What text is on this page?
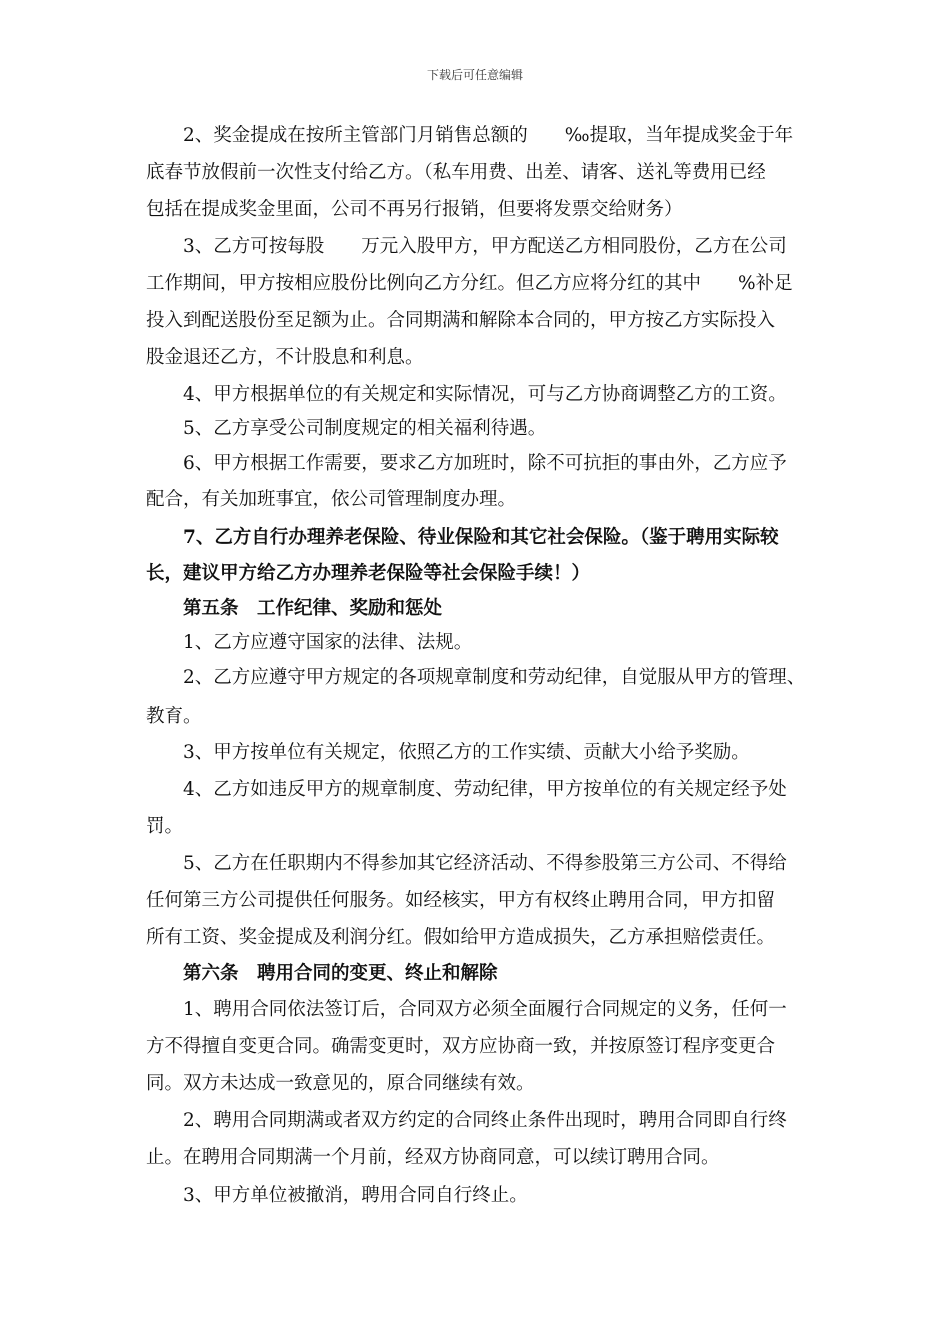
下载后可任意编辑
　　2、奖金提成在按所主管部门月销售总额的　　‰提取，当年提成奖金于年
底春节放假前一次性支付给乙方。（私车用费、出差、请客、送礼等费用已经
包括在提成奖金里面，公司不再另行报销，但要将发票交给财务）
　　3、乙方可按每股　　万元入股甲方，甲方配送乙方相同股份，乙方在公司
工作期间，甲方按相应股份比例向乙方分红。但乙方应将分红的其中　　%补足
投入到配送股份至足额为止。合同期满和解除本合同的，甲方按乙方实际投入
股金退还乙方，不计股息和利息。
　　4、甲方根据单位的有关规定和实际情况，可与乙方协商调整乙方的工资。
　　5、乙方享受公司制度规定的相关福利待遇。
　　6、甲方根据工作需要，要求乙方加班时，除不可抗拒的事由外，乙方应予
配合，有关加班事宜，依公司管理制度办理。
　　7、乙方自行办理养老保险、待业保险和其它社会保险。（鉴于聘用实际较
长，建议甲方给乙方办理养老保险等社会保险手续！）
　　第五条　工作纪律、奖励和惩处
　　1、乙方应遵守国家的法律、法规。
　　2、乙方应遵守甲方规定的各项规章制度和劳动纪律，自觉服从甲方的管理、
教育。
　　3、甲方按单位有关规定，依照乙方的工作实绩、贡献大小给予奖励。
　　4、乙方如违反甲方的规章制度、劳动纪律，甲方按单位的有关规定经予处
罚。
　　5、乙方在任职期内不得参加其它经济活动、不得参股第三方公司、不得给
任何第三方公司提供任何服务。如经核实，甲方有权终止聘用合同，甲方扣留
所有工资、奖金提成及利润分红。假如给甲方造成损失，乙方承担赔偿责任。
　　第六条　聘用合同的变更、终止和解除
　　1、聘用合同依法签订后，合同双方必须全面履行合同规定的义务，任何一
方不得擅自变更合同。确需变更时，双方应协商一致，并按原签订程序变更合
同。双方未达成一致意见的，原合同继续有效。
　　2、聘用合同期满或者双方约定的合同终止条件出现时，聘用合同即自行终
止。在聘用合同期满一个月前，经双方协商同意，可以续订聘用合同。
　　3、甲方单位被撤消，聘用合同自行终止。
